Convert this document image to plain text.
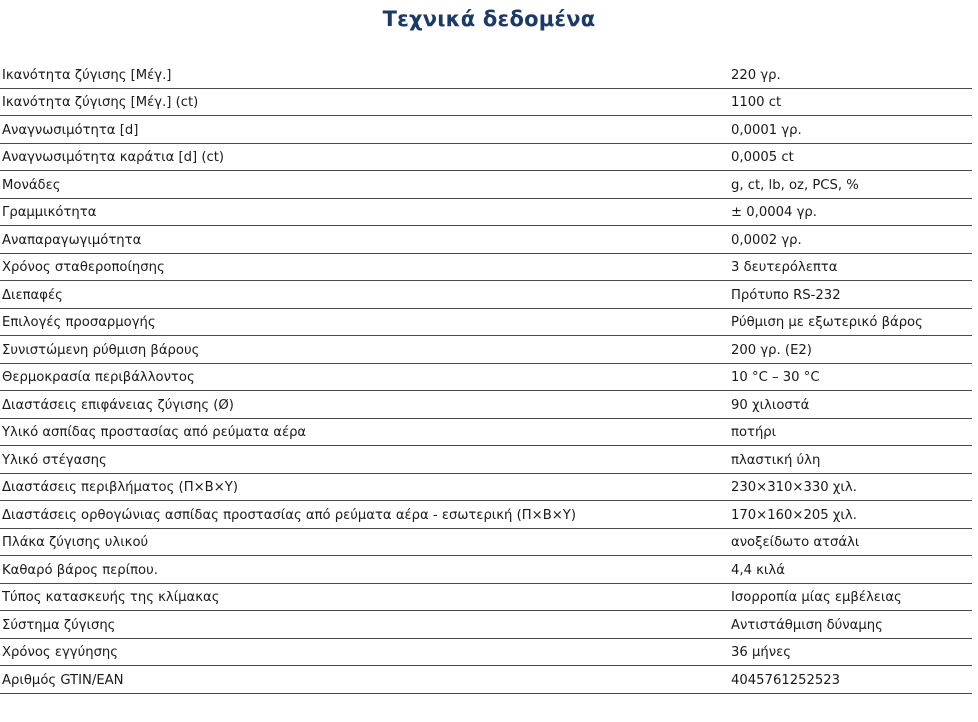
Τεχνικά δεδομένα
Ικανότητα ζύγισης [Μέγ.]	220 γρ.
Ικανότητα ζύγισης [Μέγ.] (ct)	1100 ct
Αναγνωσιμότητα [d]	0,0001 γρ.
Αναγνωσιμότητα καράτια [d] (ct)	0,0005 ct
Μονάδες	g, ct, lb, oz, PCS, %
Γραμμικότητα	± 0,0004 γρ.
Αναπαραγωγιμότητα	0,0002 γρ.
Χρόνος σταθεροποίησης	3 δευτερόλεπτα
Διεπαφές	Πρότυπο RS-232
Επιλογές προσαρμογής	Ρύθμιση με εξωτερικό βάρος
Συνιστώμενη ρύθμιση βάρους	200 γρ. (E2)
Θερμοκρασία περιβάλλοντος	10 °C – 30 °C
Διαστάσεις επιφάνειας ζύγισης (Ø)	90 χιλιοστά
Υλικό ασπίδας προστασίας από ρεύματα αέρα	ποτήρι
Υλικό στέγασης	πλαστική ύλη
Διαστάσεις περιβλήματος (Π×Β×Υ)	230×310×330 χιλ.
Διαστάσεις ορθογώνιας ασπίδας προστασίας από ρεύματα αέρα - εσωτερική (Π×Β×Υ)	170×160×205 χιλ.
Πλάκα ζύγισης υλικού	ανοξείδωτο ατσάλι
Καθαρό βάρος περίπου.	4,4 κιλά
Τύπος κατασκευής της κλίμακας	Ισορροπία μίας εμβέλειας
Σύστημα ζύγισης	Αντιστάθμιση δύναμης
Χρόνος εγγύησης	36 μήνες
Αριθμός GTIN/EAN	4045761252523
